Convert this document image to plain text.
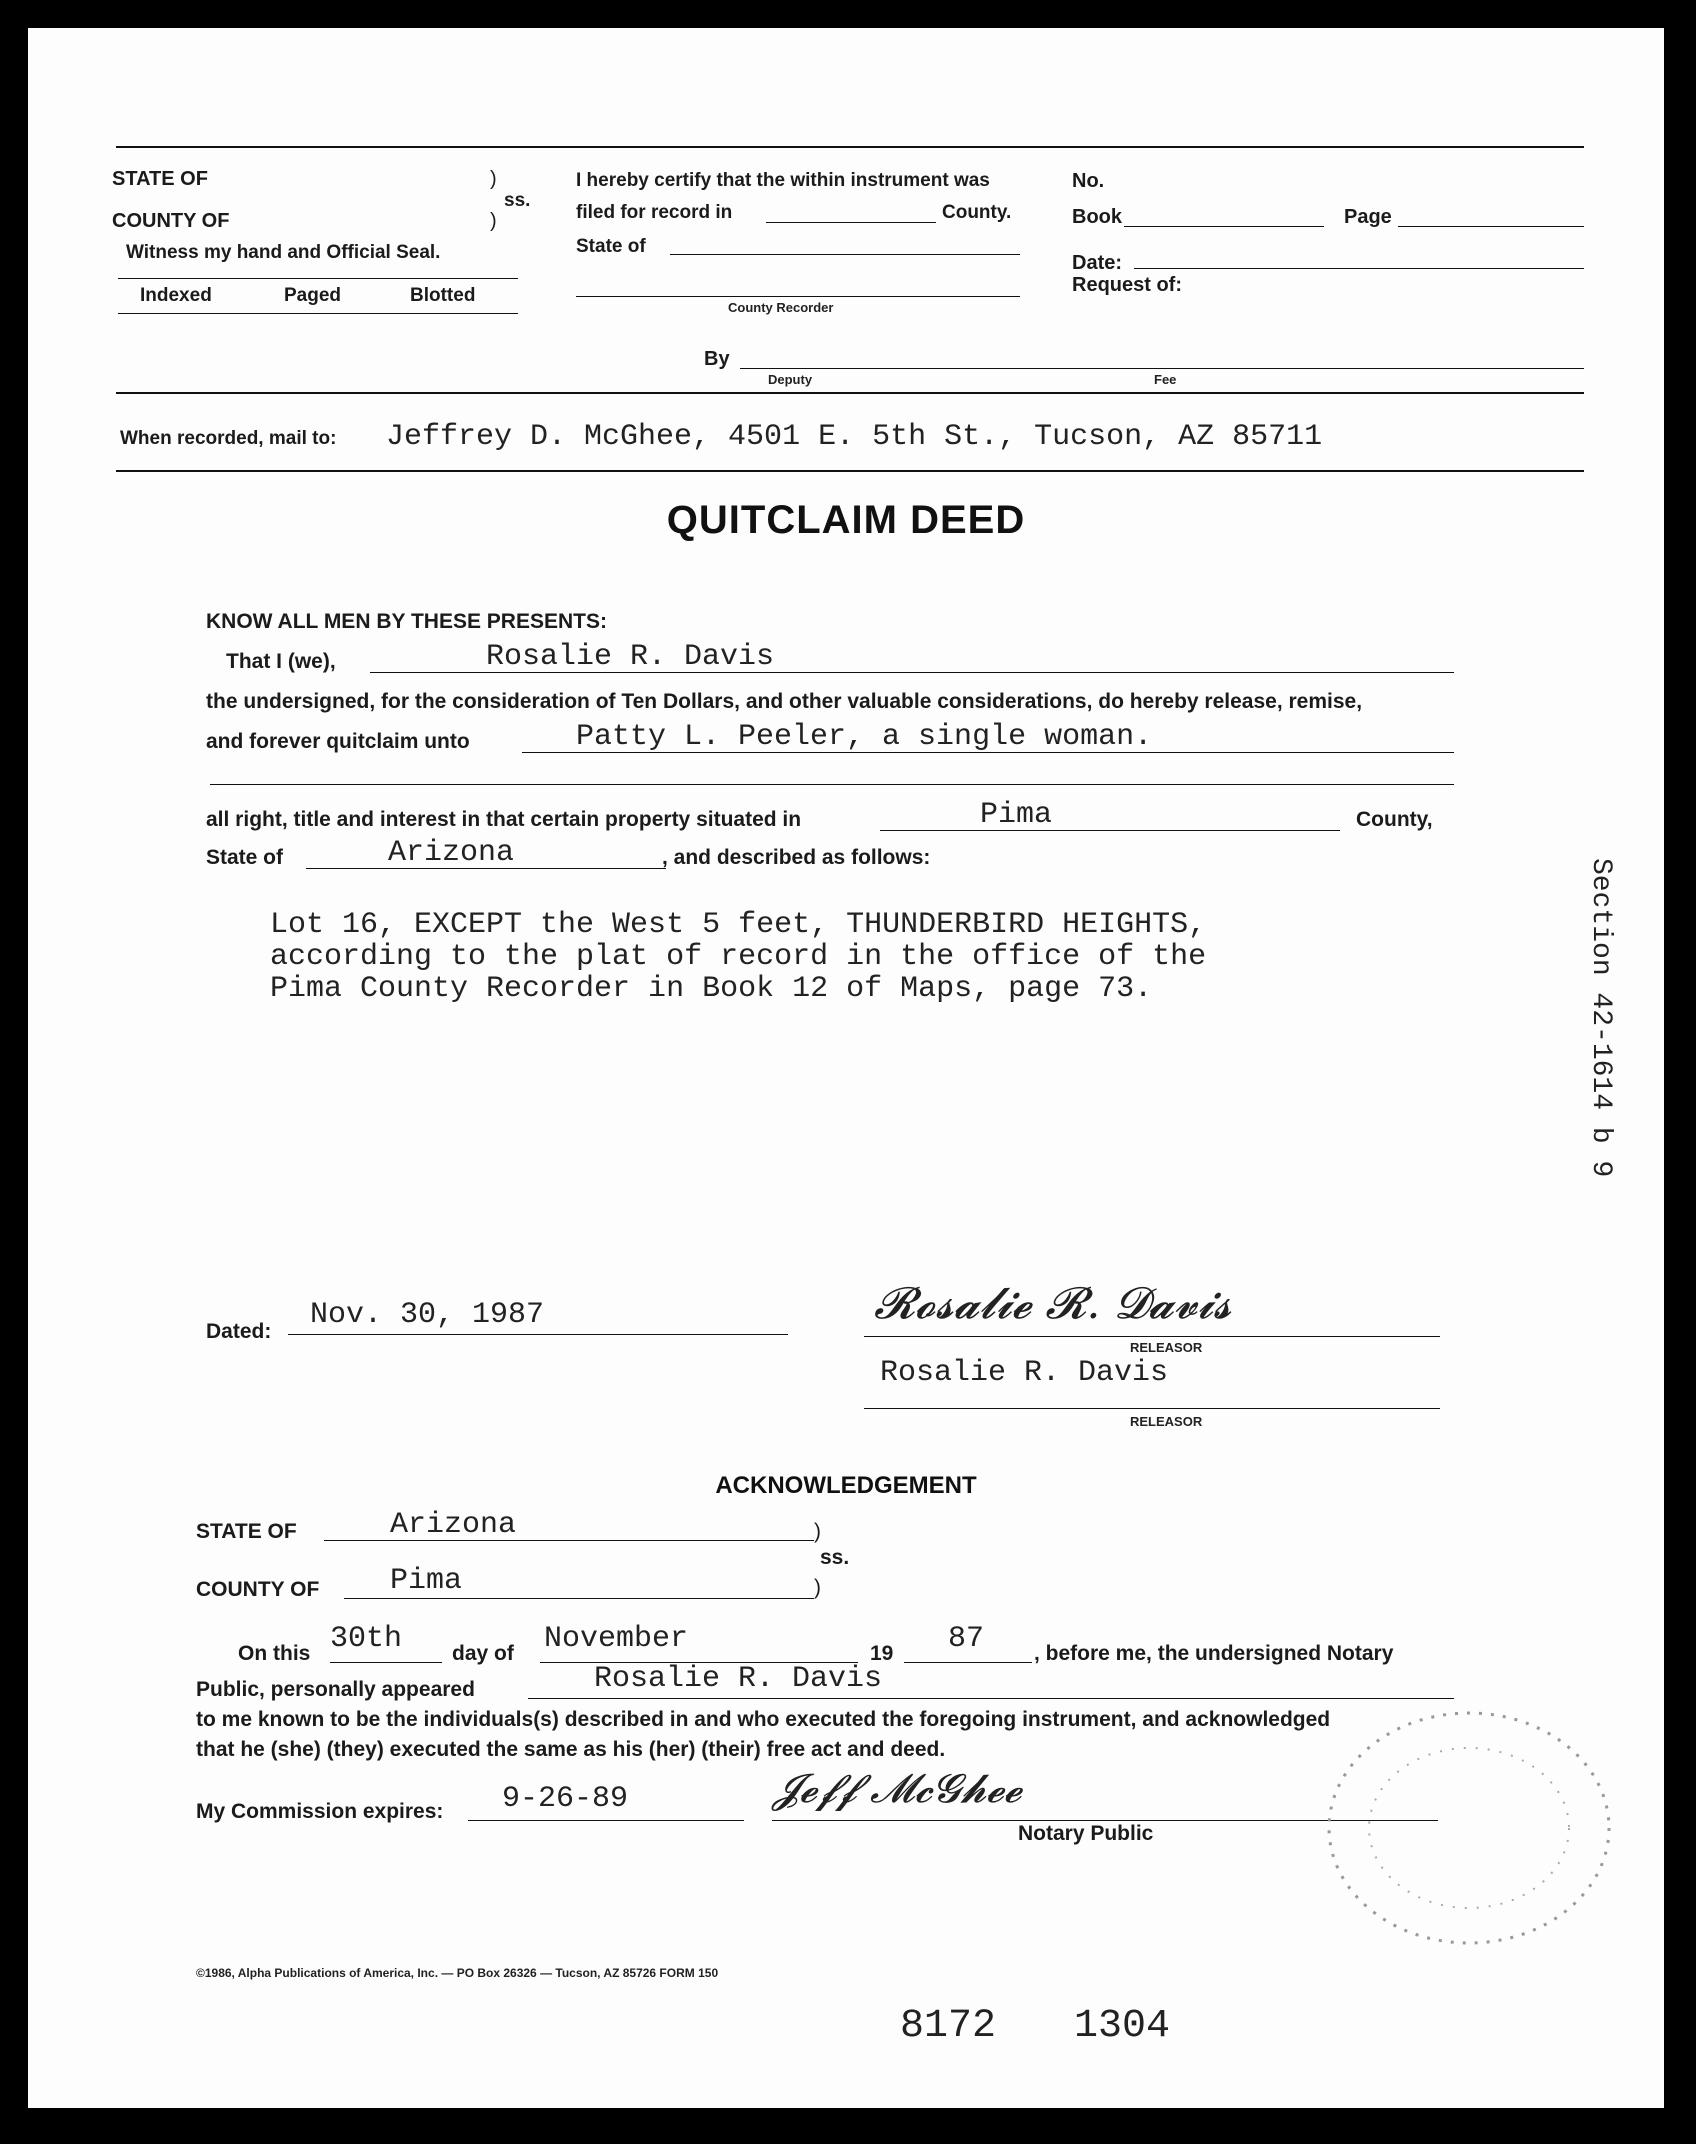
STATE OF
COUNTY OF
)
)
ss.
Witness my hand and Official Seal.
Indexed	Paged	Blotted
I hereby certify that the within instrument was
filed for record in	County.
State of
County Recorder
By
Deputy	Fee
No.
Book	Page
Date:
Request of:
When recorded, mail to: Jeffrey D. McGhee, 4501 E. 5th St., Tucson, AZ 85711
QUITCLAIM DEED
KNOW ALL MEN BY THESE PRESENTS:
That I (we),	Rosalie R. Davis
the undersigned, for the consideration of Ten Dollars, and other valuable considerations, do hereby release, remise,
and forever quitclaim unto	Patty L. Peeler, a single woman.
all right, title and interest in that certain property situated in	Pima	County,
State of	Arizona	, and described as follows:
Lot 16, EXCEPT the West 5 feet, THUNDERBIRD HEIGHTS,
according to the plat of record in the office of the
Pima County Recorder in Book 12 of Maps, page 73.	Section 42-1614 b 9
Dated: Nov. 30, 1987	𝓡𝓸𝓼𝓪𝓵𝓲𝓮 𝓡. 𝓓𝓪𝓿𝓲𝓼
RELEASOR
Rosalie R. Davis
RELEASOR
ACKNOWLEDGEMENT
STATE OF	Arizona	)
ss.
COUNTY OF Pima	)
On this 30th day of November	19 87 , before me, the undersigned Notary
Public, personally appeared	Rosalie R. Davis
to me known to be the individuals(s) described in and who executed the foregoing instrument, and acknowledged
that he (she) (they) executed the same as his (her) (their) free act and deed.
My Commission expires: 9-26-89	𝓙𝓮𝓯𝓯 𝓜𝓬𝓖𝓱𝓮𝓮
Notary Public
©1986, Alpha Publications of America, Inc. — PO Box 26326 — Tucson, AZ 85726 FORM 150
8172 1304
